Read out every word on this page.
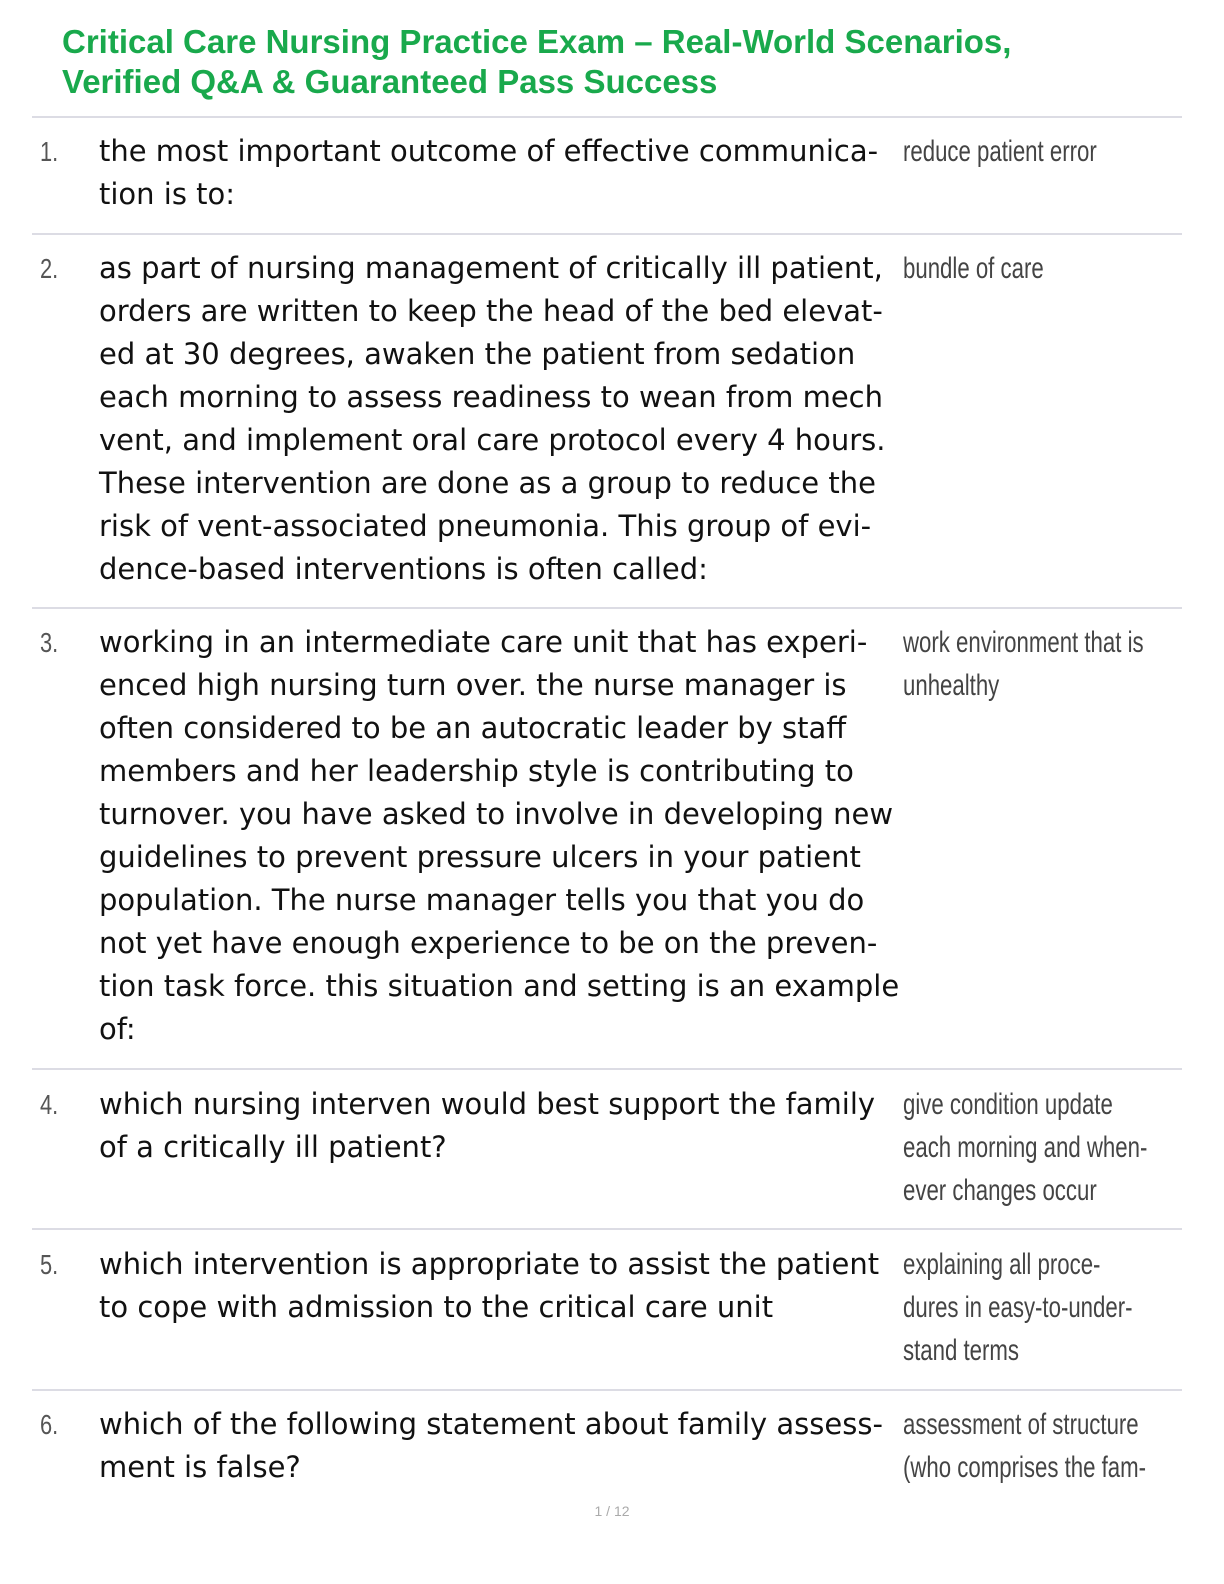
Critical Care Nursing Practice Exam – Real-World Scenarios,
Verified Q&A & Guaranteed Pass Success
1. the most important outcome of effective communica-
tion is to:
reduce patient error
2. as part of nursing management of critically ill patient,
orders are written to keep the head of the bed elevat-
ed at 30 degrees, awaken the patient from sedation
each morning to assess readiness to wean from mech
vent, and implement oral care protocol every 4 hours.
These intervention are done as a group to reduce the
risk of vent-associated pneumonia. This group of evi-
dence-based interventions is often called:
bundle of care
3. working in an intermediate care unit that has experi-
enced high nursing turn over. the nurse manager is
often considered to be an autocratic leader by staff
members and her leadership style is contributing to
turnover. you have asked to involve in developing new
guidelines to prevent pressure ulcers in your patient
population. The nurse manager tells you that you do
not yet have enough experience to be on the preven-
tion task force. this situation and setting is an example
of:
work environment that is
unhealthy
4. which nursing interven would best support the family
of a critically ill patient?
give condition update
each morning and when-
ever changes occur
5. which intervention is appropriate to assist the patient
to cope with admission to the critical care unit
explaining all proce-
dures in easy-to-under-
stand terms
6. which of the following statement about family assess-
ment is false?
assessment of structure
(who comprises the fam-
1 / 12
